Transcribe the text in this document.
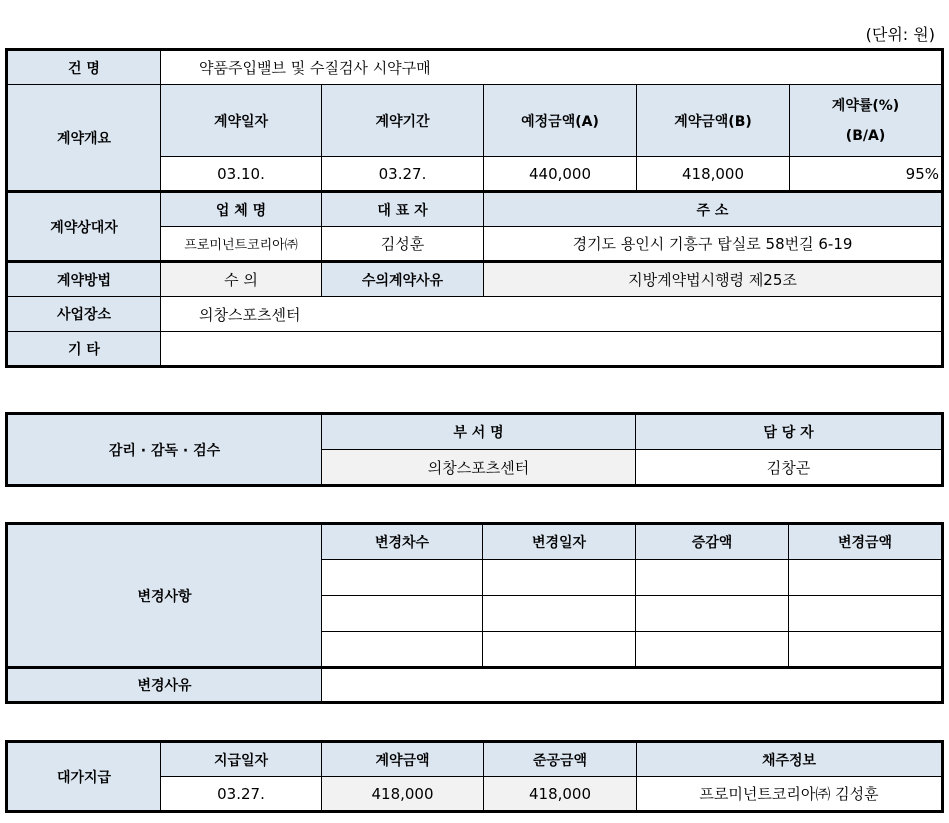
(단위: 원)
건 명	약품주입밸브 및 수질검사 시약구매				
계약개요	계약일자	계약기간	예정금액(A)	계약금액(B)	계약률(%)
(B/A)

	03.10.	03.27.	440,000	418,000	95%
계약상대자	업 체 명	대 표 자	주 소		
	프로미넌트코리아㈜	김성훈	경기도 용인시 기흥구 탑실로 58번길 6-19		
계약방법	수 의	수의계약사유	지방계약법시행령 제25조		
사업장소	의창스포츠센터				
기 타					
감리 · 감독 · 검수	부 서 명	담 당 자
	의창스포츠센터	김창곤
변경사항	변경차수	변경일자	증감액	변경금액

변경사유				
대가지급	지급일자	계약금액	준공금액	채주정보
	03.27.	418,000	418,000	프로미넌트코리아㈜ 김성훈
